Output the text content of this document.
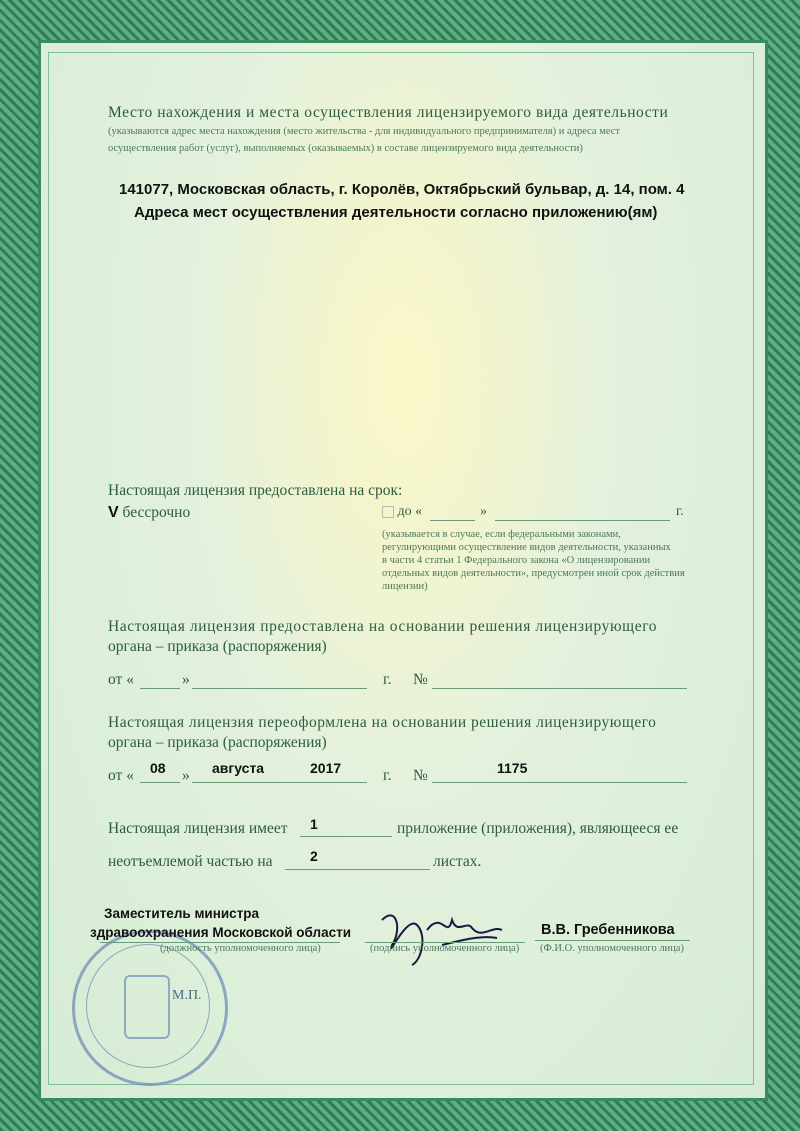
Место нахождения и места осуществления лицензируемого вида деятельности
(указываются адрес места нахождения (место жительства - для индивидуального предпринимателя) и адреса мест
осуществления работ (услуг), выполняемых (оказываемых) в составе лицензируемого вида деятельности)
141077, Московская область, г. Королёв, Октябрьский бульвар, д. 14, пом. 4
Адреса мест осуществления деятельности согласно приложению(ям)
Настоящая лицензия предоставлена на срок:
V бессрочно	до «	»	г.
(указывается в случае, если федеральными законами,
регулирующими осуществление видов деятельности, указанных
в части 4 статьи 1 Федерального закона «О лицензировании
отдельных видов деятельности», предусмотрен иной срок действия
лицензии)
Настоящая лицензия предоставлена на основании решения лицензирующего
органа – приказа (распоряжения)
от «	»	г. №
Настоящая лицензия переоформлена на основании решения лицензирующего
органа – приказа (распоряжения)
от « 08 » августа	2017	г. №	1175
Настоящая лицензия имеет 1	приложение (приложения), являющееся ее
неотъемлемой частью на	2	листах.
Заместитель министра
здравоохранения Московской области
(должность уполномоченного лица)	(подпись уполномоченного лица)
В.В. Гребенникова
(Ф.И.О. уполномоченного лица)
М.П.
